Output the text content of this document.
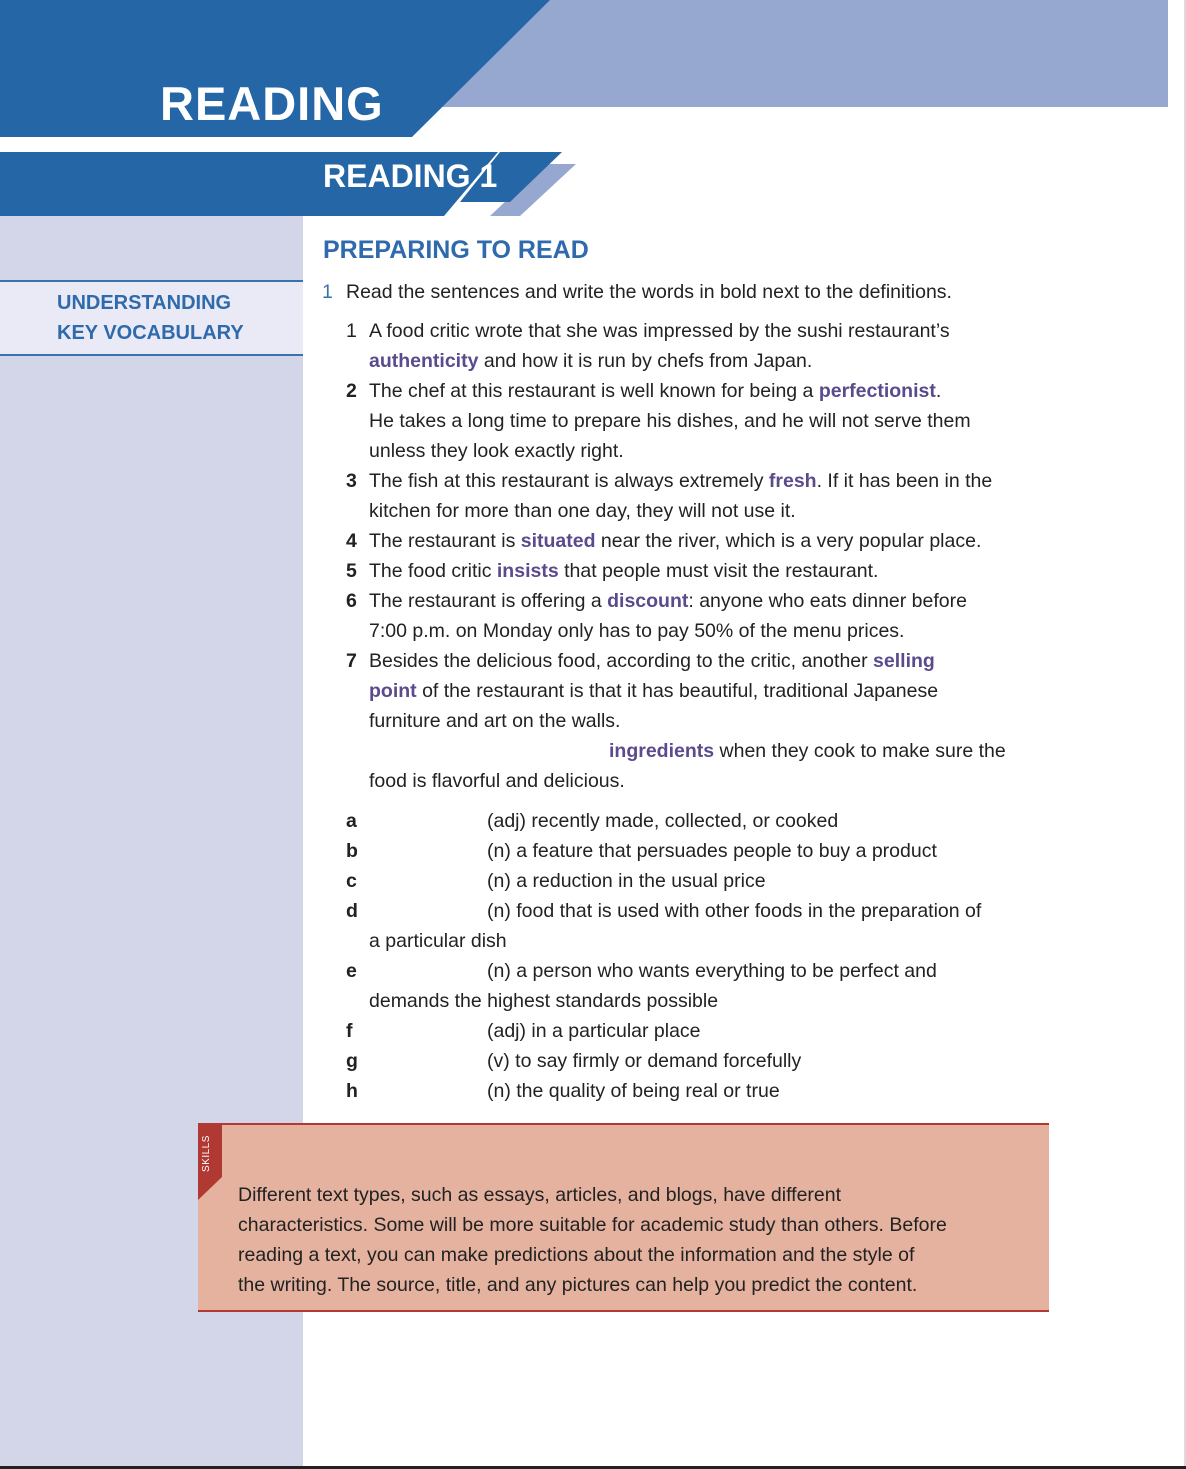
READING
READING 1
UNDERSTANDING
KEY VOCABULARY
PREPARING TO READ
1 Read the sentences and write the words in bold next to the definitions.
1 A food critic wrote that she was impressed by the sushi restaurant’s
authenticity and how it is run by chefs from Japan.
2 The chef at this restaurant is well known for being a perfectionist.
He takes a long time to prepare his dishes, and he will not serve them
unless they look exactly right.
3 The fish at this restaurant is always extremely fresh. If it has been in the
kitchen for more than one day, they will not use it.
4 The restaurant is situated near the river, which is a very popular place.
5 The food critic insists that people must visit the restaurant.
6 The restaurant is offering a discount: anyone who eats dinner before
7:00 p.m. on Monday only has to pay 50% of the menu prices.
7 Besides the delicious food, according to the critic, another selling
point of the restaurant is that it has beautiful, traditional Japanese
furniture and art on the walls.
ingredients when they cook to make sure the
food is flavorful and delicious.
a	(adj) recently made, collected, or cooked
b	(n) a feature that persuades people to buy a product
c	(n) a reduction in the usual price
d	(n) food that is used with other foods in the preparation of
a particular dish
e	(n) a person who wants everything to be perfect and
demands the highest standards possible
f	(adj) in a particular place
g	(v) to say firmly or demand forcefully
h	(n) the quality of being real or true
SKILLS
Different text types, such as essays, articles, and blogs, have different
characteristics. Some will be more suitable for academic study than others. Before
reading a text, you can make predictions about the information and the style of
the writing. The source, title, and any pictures can help you predict the content.
